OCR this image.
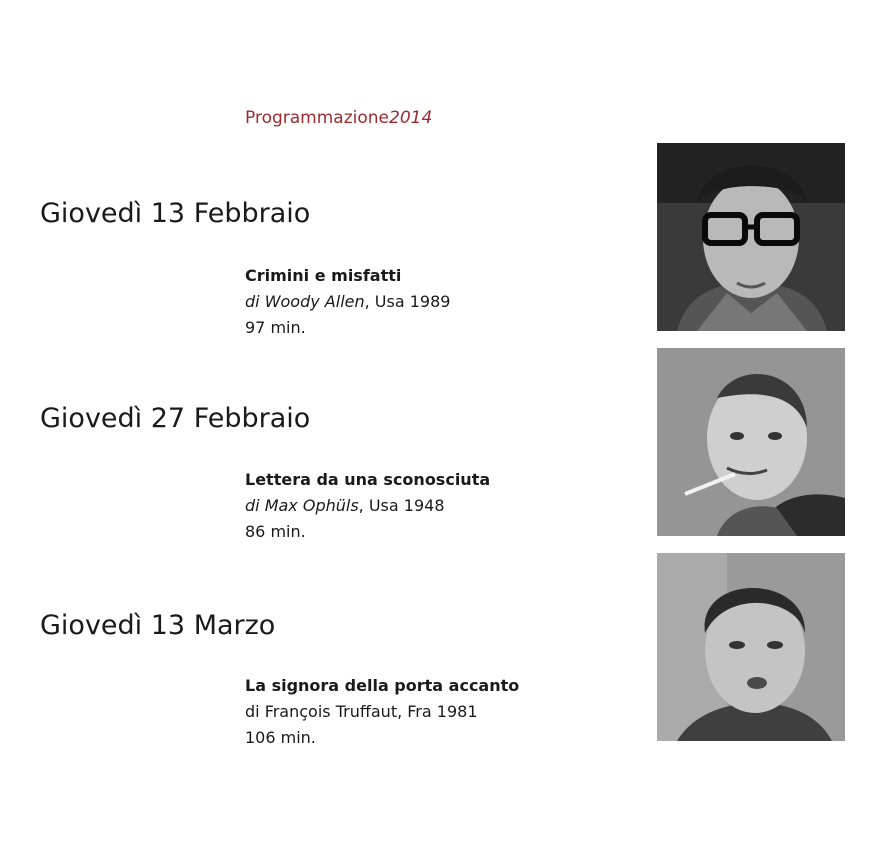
Programmazione2014
Giovedì 13 Febbraio
Crimini e misfatti
di Woody Allen, Usa 1989
97 min.
Giovedì 27 Febbraio
Lettera da una sconosciuta
di Max Ophüls, Usa 1948
86 min.
Giovedì 13 Marzo
La signora della porta accanto
di François Truffaut, Fra 1981
106 min.
